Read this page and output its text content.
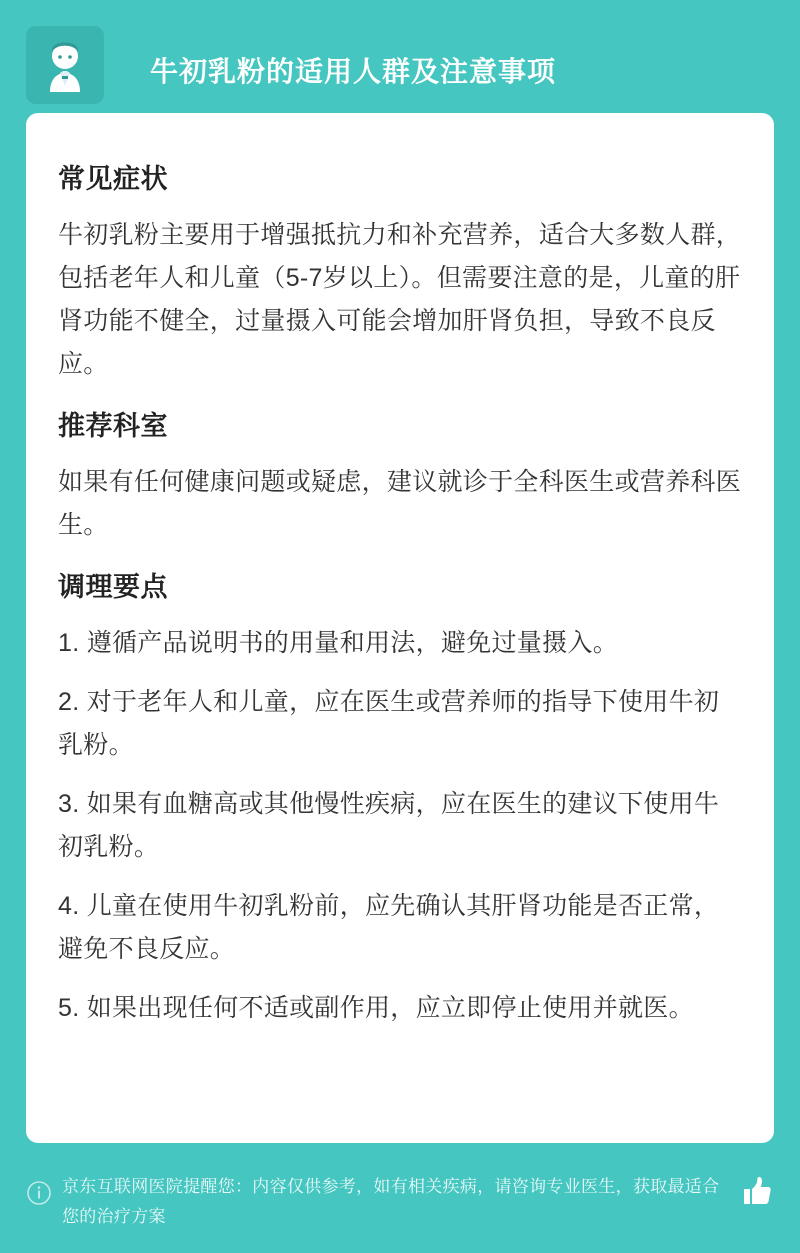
牛初乳粉的适用人群及注意事项
常见症状

牛初乳粉主要用于增强抵抗力和补充营养，适合大多数人群，包括老年人和儿童（5-7岁以上）。但需要注意的是，儿童的肝肾功能不健全，过量摄入可能会增加肝肾负担，导致不良反应。

推荐科室

如果有任何健康问题或疑虑，建议就诊于全科医生或营养科医生。

调理要点
1. 遵循产品说明书的用量和用法，避免过量摄入。
2. 对于老年人和儿童，应在医生或营养师的指导下使用牛初乳粉。
3. 如果有血糖高或其他慢性疾病，应在医生的建议下使用牛初乳粉。
4. 儿童在使用牛初乳粉前，应先确认其肝肾功能是否正常，避免不良反应。
5. 如果出现任何不适或副作用，应立即停止使用并就医。
京东互联网医院提醒您：内容仅供参考，如有相关疾病，请咨询专业医生，获取最适合您的治疗方案
